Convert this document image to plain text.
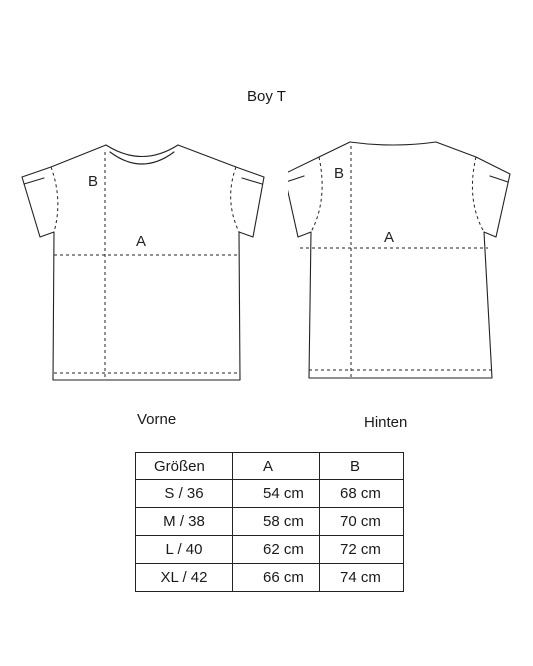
Boy T
B
A
B
A
Vorne	Hinten
Größen	A	B
S / 36	54 cm	68 cm
M / 38	58 cm	70 cm
L / 40	62 cm	72 cm
XL / 42	66 cm	74 cm
